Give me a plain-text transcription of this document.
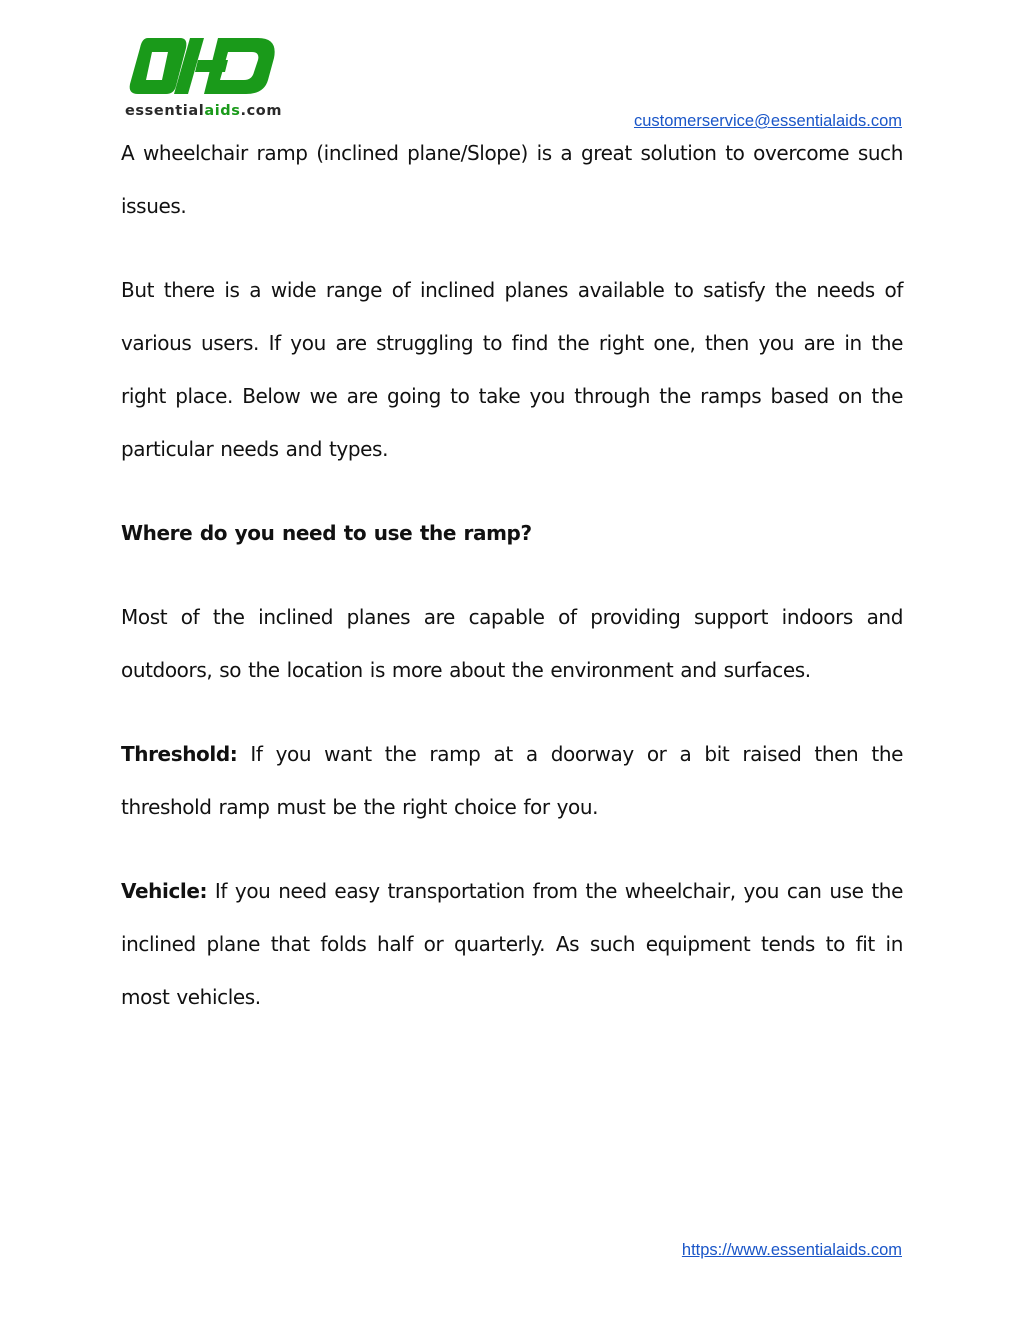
essentialaids.com
customerservice@essentialaids.com

A wheelchair ramp (inclined plane/Slope) is a great solution to overcome such issues.

But there is a wide range of inclined planes available to satisfy the needs of various users. If you are struggling to find the right one, then you are in the right place. Below we are going to take you through the ramps based on the particular needs and types.

Where do you need to use the ramp?

Most of the inclined planes are capable of providing support indoors and outdoors, so the location is more about the environment and surfaces.

Threshold: If you want the ramp at a doorway or a bit raised then the threshold ramp must be the right choice for you.

Vehicle: If you need easy transportation from the wheelchair, you can use the inclined plane that folds half or quarterly. As such equipment tends to fit in most vehicles.

https://www.essentialaids.com
